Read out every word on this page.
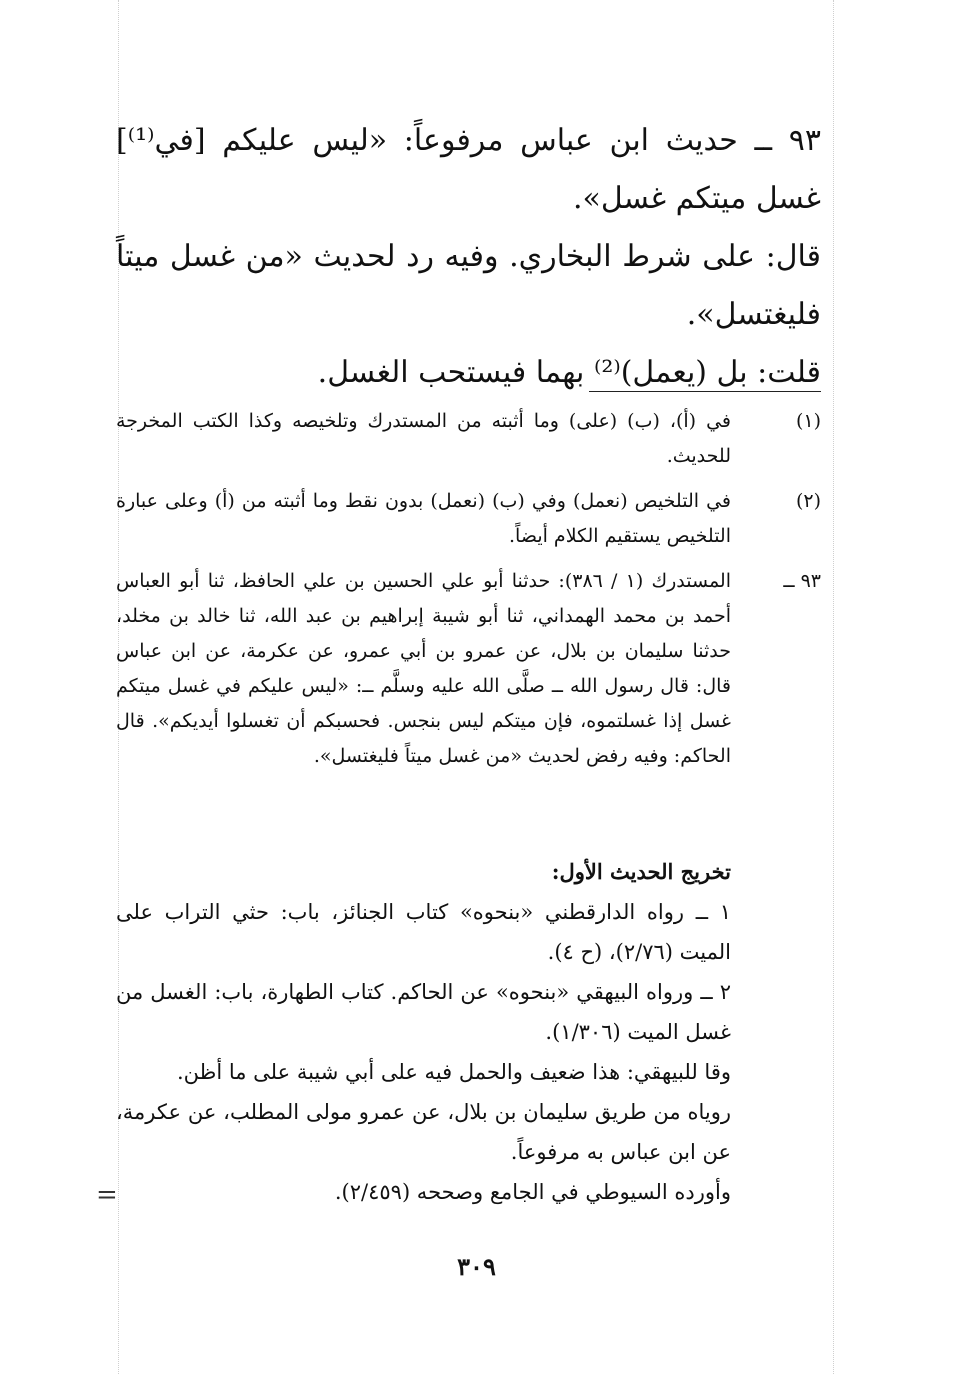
٩٣ ــ حديث ابن عباس مرفوعاً: «ليس عليكم [في⁽¹⁾] غسل ميتكم غسل».

قال: على شرط البخاري. وفيه رد لحديث «من غسل ميتاً فليغتسل».

قلت: بل (يعمل)⁽²⁾ بهما فيستحب الغسل.

(١)
في (أ)، (ب) (على) وما أثبته من المستدرك وتلخيصه وكذا الكتب المخرجة للحديث.
(٢)
في التلخيص (نعمل) وفي (ب) (نعمل) بدون نقط وما أثبته من (أ) وعلى عبارة التلخيص يستقيم الكلام أيضاً.
٩٣ ــ
المستدرك (١ / ٣٨٦): حدثنا أبو علي الحسين بن علي الحافظ، ثنا أبو العباس أحمد بن محمد الهمداني، ثنا أبو شيبة إبراهيم بن عبد الله، ثنا خالد بن مخلد، حدثنا سليمان بن بلال، عن عمرو بن أبي عمرو، عن عكرمة، عن ابن عباس قال: قال رسول الله ــ صلَّى الله عليه وسلَّم ــ: «ليس عليكم في غسل ميتكم غسل إذا غسلتموه، فإن ميتكم ليس بنجس. فحسبكم أن تغسلوا أيديكم». قال الحاكم: وفيه رفض لحديث «من غسل ميتاً فليغتسل».

تخريج الحديث الأول:

١ ــ رواه الدارقطني «بنحوه» كتاب الجنائز، باب: حثي التراب على الميت (٢/٧٦)، (ح ٤).

٢ ــ ورواه البيهقي «بنحوه» عن الحاكم. كتاب الطهارة، باب: الغسل من غسل الميت (١/٣٠٦).

وقا للبيهقي: هذا ضعيف والحمل فيه على أبي شيبة على ما أظن.

روياه من طريق سليمان بن بلال، عن عمرو مولى المطلب، عن عكرمة، عن ابن عباس به مرفوعاً.

وأورده السيوطي في الجامع وصححه (٢/٤٥٩).

=
٣٠٩
